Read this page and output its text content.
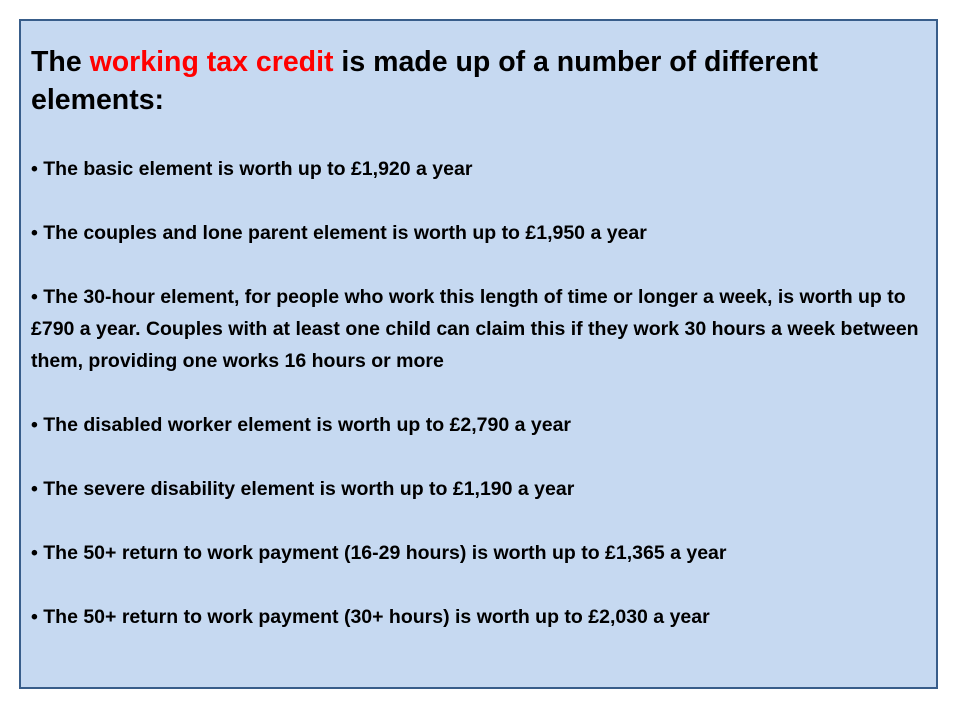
The working tax credit is made up of a number of different elements:
• The basic element is worth up to £1,920 a year
• The couples and lone parent element is worth up to £1,950 a year
• The 30-hour element, for people who work this length of time or longer a week, is worth up to £790 a year. Couples with at least one child can claim this if they work 30 hours a week between them, providing one works 16 hours or more
• The disabled worker element is worth up to £2,790 a year
• The severe disability element is worth up to £1,190 a year
• The 50+ return to work payment (16-29 hours) is worth up to £1,365 a year
• The 50+ return to work payment (30+ hours) is worth up to £2,030 a year
